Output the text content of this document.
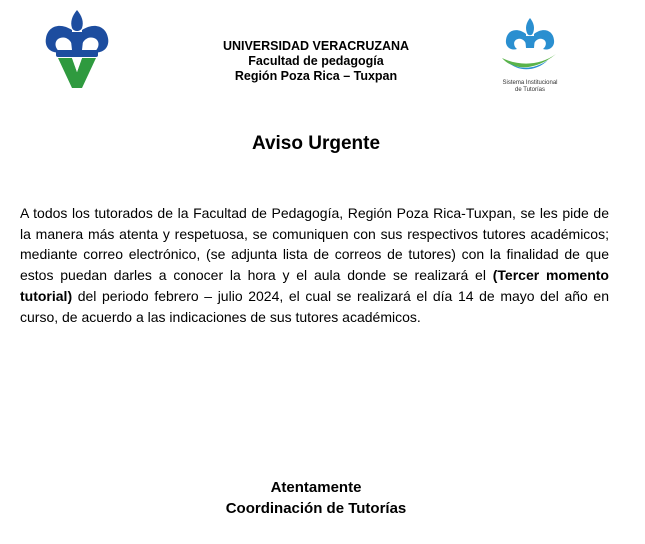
UNIVERSIDAD VERACRUZANA
Facultad de pedagogía
Región Poza Rica – Tuxpan	Sistema Institucional
de Tutorías
Aviso Urgente

A todos los tutorados de la Facultad de Pedagogía, Región Poza Rica-Tuxpan, se les pide de la manera más atenta y respetuosa, se comuniquen con sus respectivos tutores académicos; mediante correo electrónico, (se adjunta lista de correos de tutores) con la finalidad de que estos puedan darles a conocer la hora y el aula donde se realizará el (Tercer momento tutorial) del periodo febrero – julio 2024, el cual se realizará el día 14 de mayo del año en curso, de acuerdo a las indicaciones de sus tutores académicos.

Atentamente
Coordinación de Tutorías
